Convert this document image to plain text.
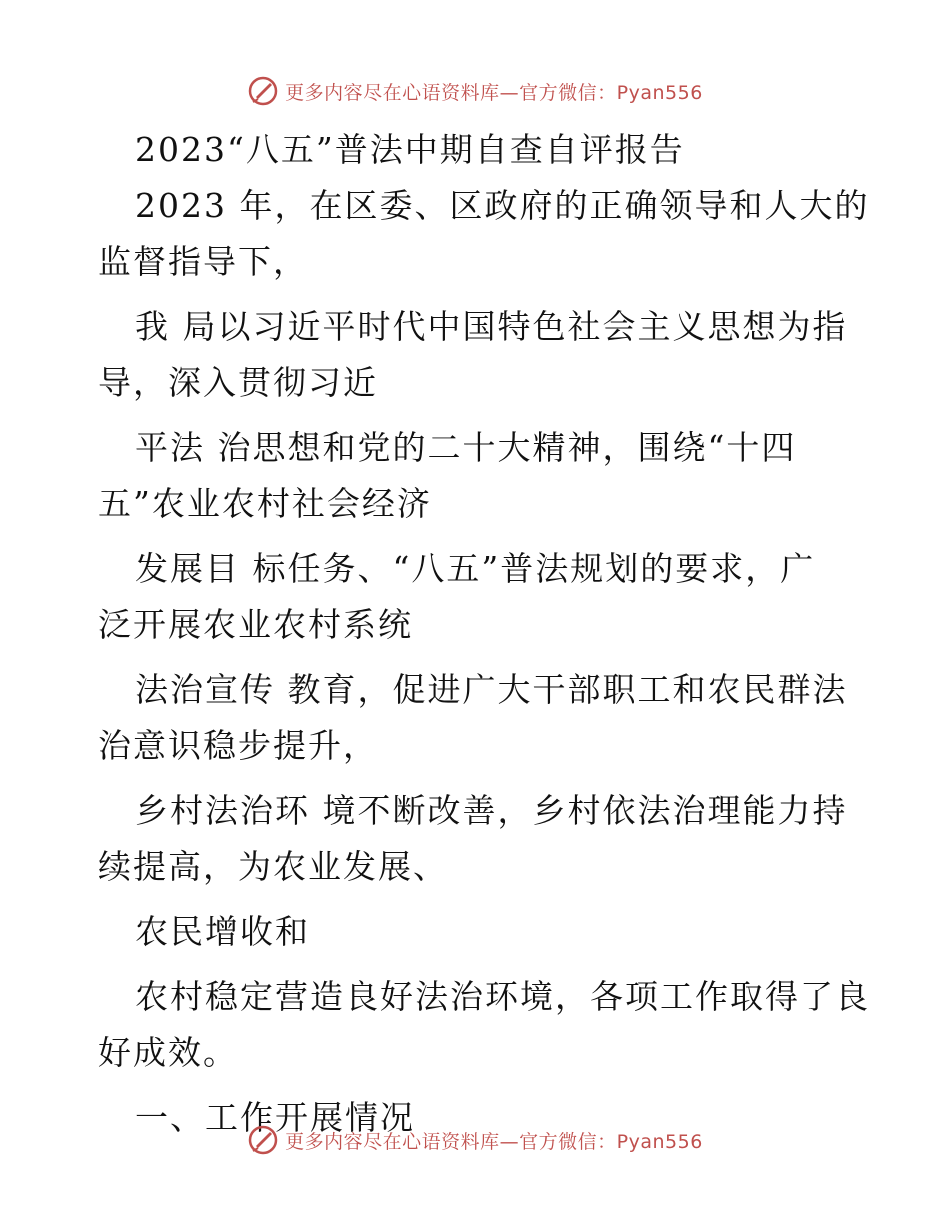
更多内容尽在心语资料库—官方微信：Pyan556
2023“八五”普法中期自查自评报告
2023 年，在区委、区政府的正确领导和人大的
监督指导下，
我 局以习近平时代中国特色社会主义思想为指
导，深入贯彻习近
平法 治思想和党的二十大精神，围绕“十四
五”农业农村社会经济
发展目 标任务、“八五”普法规划的要求，广
泛开展农业农村系统
法治宣传 教育，促进广大干部职工和农民群法
治意识稳步提升，
乡村法治环 境不断改善，乡村依法治理能力持
续提高，为农业发展、
农民增收和
农村稳定营造良好法治环境，各项工作取得了良
好成效。
一、工作开展情况
更多内容尽在心语资料库—官方微信：Pyan556
